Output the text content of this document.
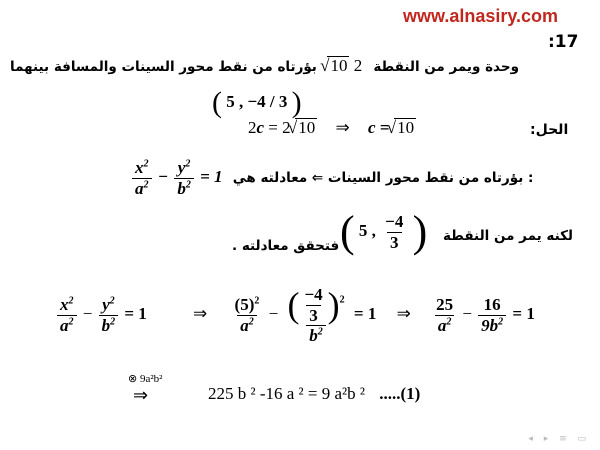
www.alnasiry.com
:17
وحدة ويمر من النقطة 2 √ 10 بؤرتاه من نقط محور السينات والمسافة بينهما
( 5 , −4 / 3 )
الحل:
2c = 2 √ 10 ⇒ c = √ 10
$\frac{x^2}{a^2} - \frac{y^2}{b^2} = 1$ بؤرتاه من نقط محور السينات ⇐ معادلته هي :
لكنه يمر من النقطة
( 5 , $\frac{-4}{3}$ )
فتحقق معادلته .
$\frac{x^2}{a^2} - \frac{y^2}{b^2} = 1$	⇒ $\frac{(5)^2}{a^2} - \frac{( \frac{-4}{3} )^2}{b^2} = 1$ ⇒ $\frac{25}{a^2} - \frac{16}{9b^2} = 1$
⊗ 9a²b²
⇒	225 b ² -16 a ² = 9 a²b ² .....(1)
◂ ▸ ≡ ▭
